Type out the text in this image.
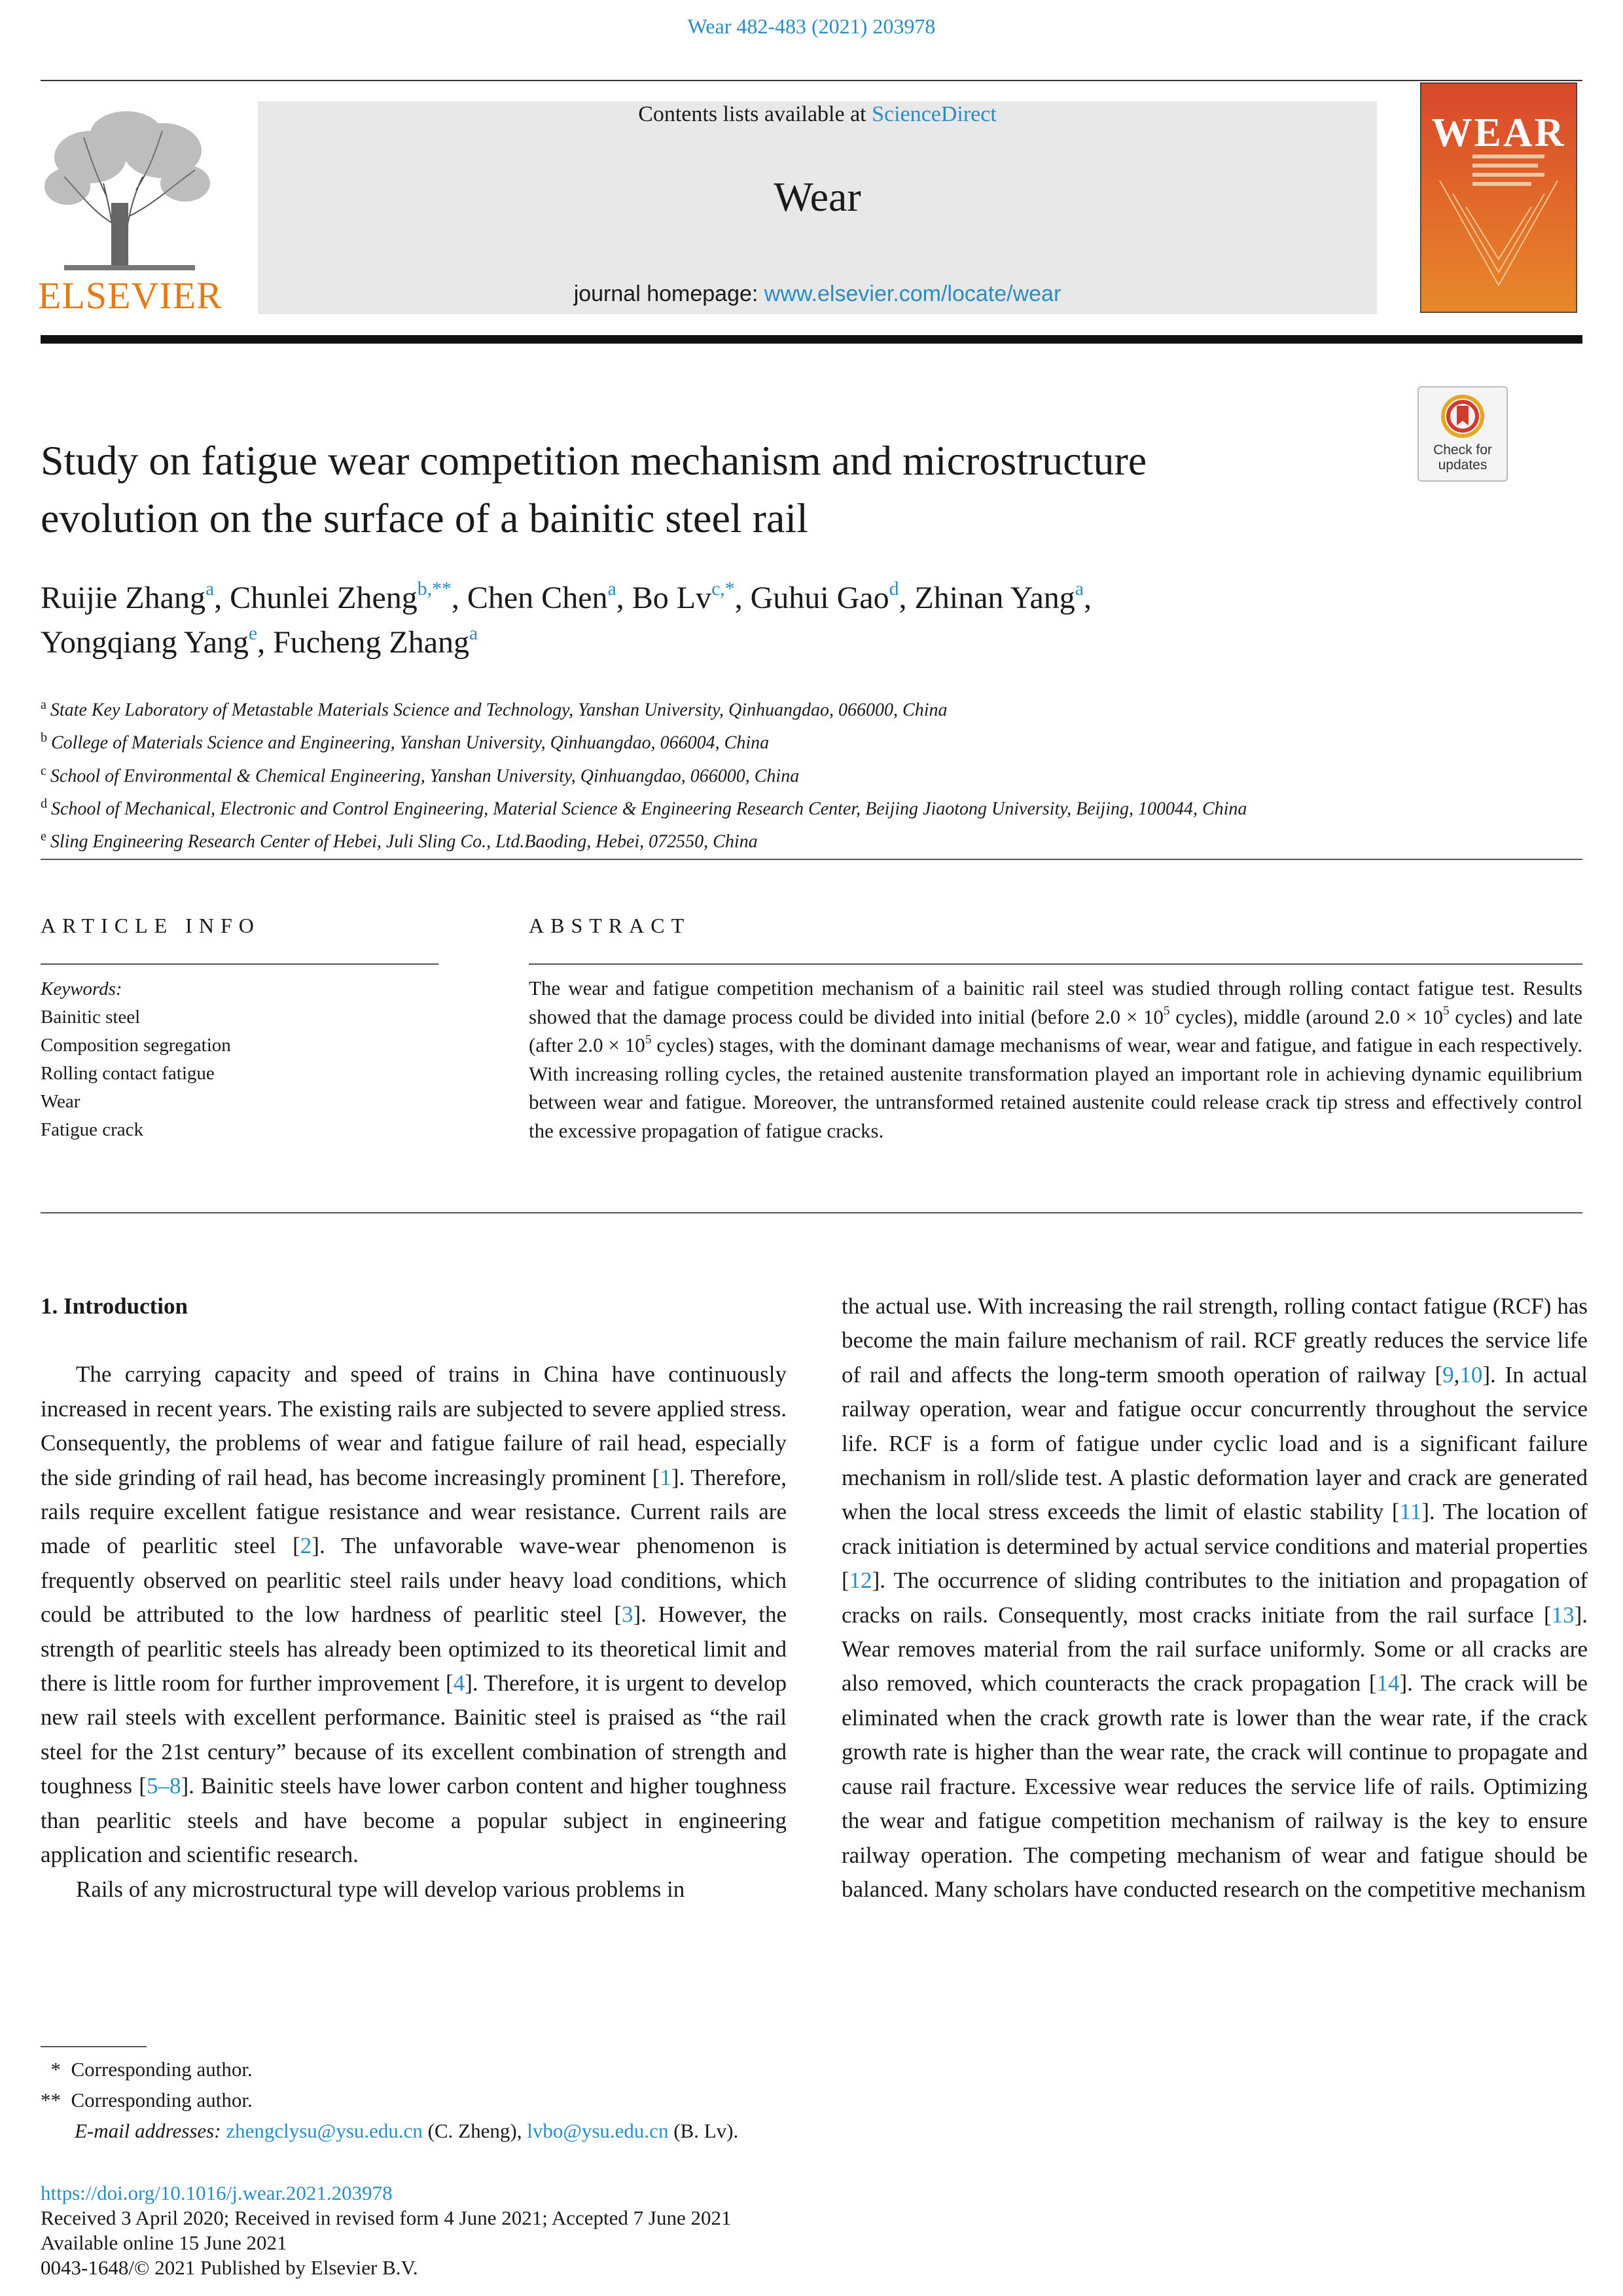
Wear 482-483 (2021) 203978
ELSEVIER
Contents lists available at ScienceDirect
Wear
journal homepage: www.elsevier.com/locate/wear
WEAR
Check for updates
Study on fatigue wear competition mechanism and microstructure
evolution on the surface of a bainitic steel rail
Ruijie Zhang$^a$, Chunlei Zheng$^{b,**}$, Chen Chen$^a$, Bo $Lv^{c,*}$, Guhui Gao$^d$, Zhinan Yang$^a$,
Yongqiang Yang$^e$, Fucheng Zhang$^a$
$^a$ State Key Laboratory of Metastable Materials Science and Technology, Yanshan University, Qinhuangdao, 066000, China
$^b$ College of Materials Science and Engineering, Yanshan University, Qinhuangdao, 066004, China
$^c$ School of Environmental & Chemical Engineering, Yanshan University, Qinhuangdao, 066000, China
$^d$ School of Mechanical, Electronic and Control Engineering, Material Science & Engineering Research Center, Beijing Jiaotong University, Beijing, 100044, China
$^e$ Sling Engineering Research Center of Hebei, Juli Sling Co., Ltd.Baoding, Hebei, 072550, China
ARTICLE INFO	ABSTRACT
Keywords:
Bainitic steel
Composition segregation
Rolling contact fatigue
Wear
Fatigue crack
The wear and fatigue competition mechanism of a bainitic rail steel was studied through rolling contact fatigue test. Results showed that the damage process could be divided into initial (before $2.0 \times 10^5$ cycles), middle (around $2.0 \times 10^5$ cycles) and late (after $2.0 \times 10^5$ cycles) stages, with the dominant damage mechanisms of wear, wear and fatigue, and fatigue in each respectively. With increasing rolling cycles, the retained austenite transformation played an important role in achieving dynamic equilibrium between wear and fatigue. Moreover, the untransformed retained austenite could release crack tip stress and effectively control the excessive propagation of fatigue cracks.
1. Introduction
The carrying capacity and speed of trains in China have continuously increased in recent years. The existing rails are subjected to severe applied stress. Consequently, the problems of wear and fatigue failure of rail head, especially the side grinding of rail head, has become increasingly prominent [1]. Therefore, rails require excellent fatigue resistance and wear resistance. Current rails are made of pearlitic steel [2]. The unfavorable wave-wear phenomenon is frequently observed on pearlitic steel rails under heavy load conditions, which could be attributed to the low hardness of pearlitic steel [3]. However, the strength of pearlitic steels has already been optimized to its theoretical limit and there is little room for further improvement [4]. Therefore, it is urgent to develop new rail steels with excellent performance. Bainitic steel is praised as “the rail steel for the 21st century” because of its excellent combination of strength and toughness [5–8]. Bainitic steels have lower carbon content and higher toughness than pearlitic steels and have become a popular subject in engineering application and scientific research.
Rails of any microstructural type will develop various problems in
the actual use. With increasing the rail strength, rolling contact fatigue (RCF) has become the main failure mechanism of rail. RCF greatly reduces the service life of rail and affects the long-term smooth operation of railway [9,10]. In actual railway operation, wear and fatigue occur concurrently throughout the service life. RCF is a form of fatigue under cyclic load and is a significant failure mechanism in roll/slide test. A plastic deformation layer and crack are generated when the local stress exceeds the limit of elastic stability [11]. The location of crack initiation is determined by actual service conditions and material properties [12]. The occurrence of sliding contributes to the initiation and propagation of cracks on rails. Consequently, most cracks initiate from the rail surface [13]. Wear removes material from the rail surface uniformly. Some or all cracks are also removed, which counteracts the crack propagation [14]. The crack will be eliminated when the crack growth rate is lower than the wear rate, if the crack growth rate is higher than the wear rate, the crack will continue to propagate and cause rail fracture. Excessive wear reduces the service life of rails. Optimizing the wear and fatigue competition mechanism of railway is the key to ensure railway operation. The competing mechanism of wear and fatigue should be balanced. Many scholars have conducted research on the competitive mechanism
*  Corresponding author.
**  Corresponding author.
E-mail addresses: zhengclysu@ysu.edu.cn (C. Zheng), lvbo@ysu.edu.cn (B. Lv).
https://doi.org/10.1016/j.wear.2021.203978
Received 3 April 2020; Received in revised form 4 June 2021; Accepted 7 June 2021
Available online 15 June 2021
0043-1648/© 2021 Published by Elsevier B.V.
